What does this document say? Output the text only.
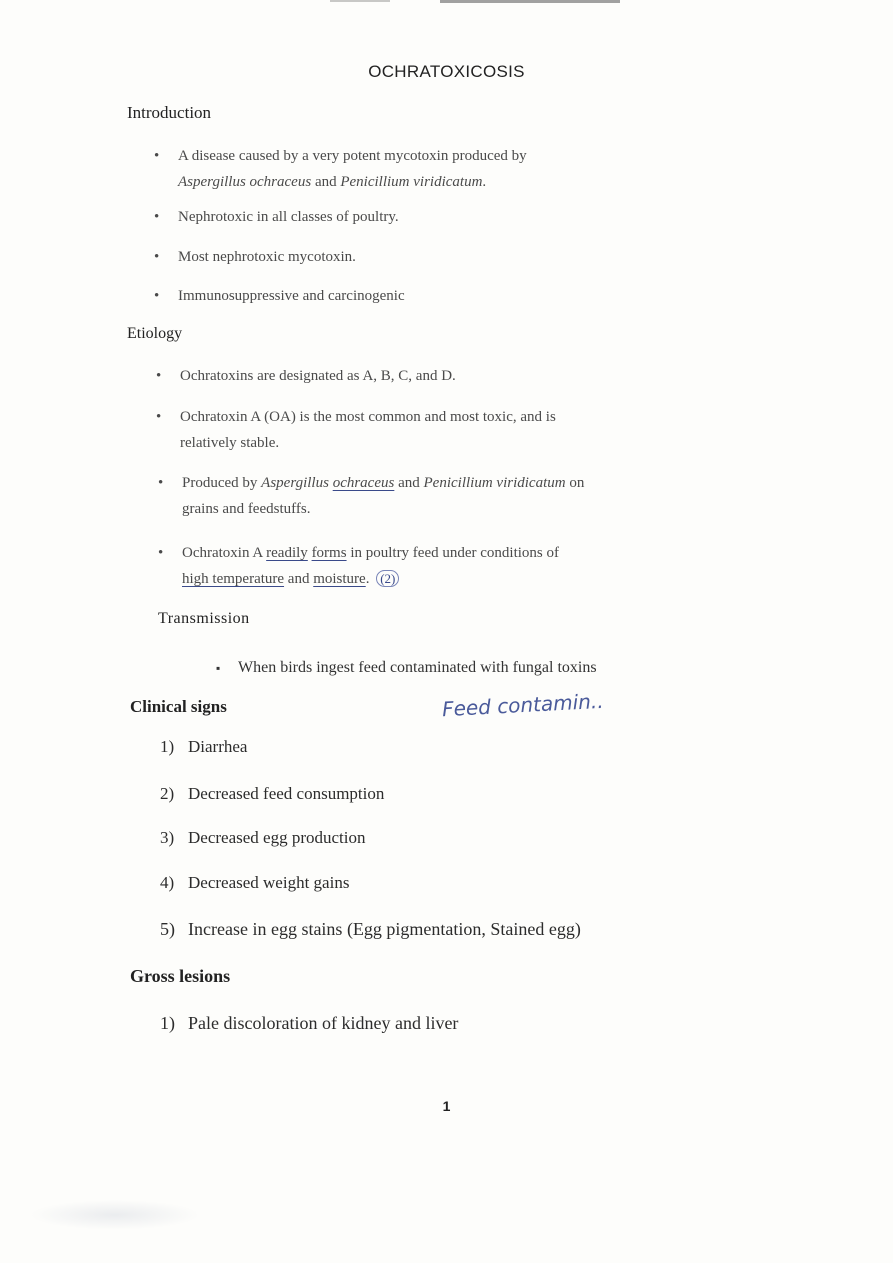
OCHRATOXICOSIS
Introduction
• A disease caused by a very potent mycotoxin produced by
Aspergillus ochraceus and Penicillium viridicatum.
• Nephrotoxic in all classes of poultry.
• Most nephrotoxic mycotoxin.
• Immunosuppressive and carcinogenic
Etiology
• Ochratoxins are designated as A, B, C, and D.
• Ochratoxin A (OA) is the most common and most toxic, and is
relatively stable.
• Produced by Aspergillus ochraceus and Penicillium viridicatum on
grains and feedstuffs.
• Ochratoxin A readily forms in poultry feed under conditions of
high temperature and moisture. (2)
Transmission
▪ When birds ingest feed contaminated with fungal toxins
Clinical signs	Feed contamin..
1) Diarrhea
2) Decreased feed consumption
3) Decreased egg production
4) Decreased weight gains
5) Increase in egg stains (Egg pigmentation, Stained egg)
Gross lesions
1) Pale discoloration of kidney and liver
1
